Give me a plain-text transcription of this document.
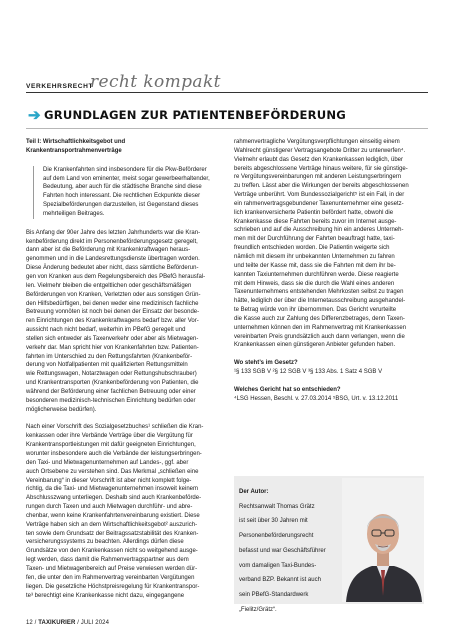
VERKEHRSRECHT
recht kompakt
➔ GRUNDLAGEN ZUR PATIENTENBEFÖRDERUNG

Teil I: Wirtschaftlichkeitsgebot und

Krankentransportrahmenverträge

Die Krankenfahrten sind insbesondere für die Pkw-Beförderer

auf dem Land von eminenter, meist sogar gewerbeerhaltender,

Bedeutung, aber auch für die städtische Branche sind diese

Fahrten hoch interessant. Die rechtlichen Eckpunkte dieser

Spezialbeförderungen darzustellen, ist Gegenstand dieses

mehrteiligen Beitrages.

Bis Anfang der 90er Jahre des letzten Jahrhunderts war die Kran-

kenbeförderung direkt im Personenbeförderungsgesetz geregelt,

dann aber ist die Beförderung mit Krankenkraftwagen heraus-

genommen und in die Landesrettungsdienste übertragen worden.

Diese Änderung bedeutet aber nicht, dass sämtliche Beförderun-

gen von Kranken aus dem Regelungsbereich des PBefG herausfal-

len. Vielmehr bleiben die entgeltlichen oder geschäftsmäßigen

Beförderungen von Kranken, Verletzten oder aus sonstigen Grün-

den Hilfsbedürftigen, bei denen weder eine medizinisch fachliche

Betreuung vonnöten ist noch bei denen der Einsatz der besonde-

ren Einrichtungen des Krankenkraftwagens bedarf bzw. aller Vor-

aussicht nach nicht bedarf, weiterhin im PBefG geregelt und

stellen sich entweder als Taxenverkehr oder aber als Mietwagen-

verkehr dar. Man spricht hier von Krankenfahrten bzw. Patienten-

fahrten im Unterschied zu den Rettungsfahrten (Krankenbeför-

derung von Notfallpatienten mit qualifizierten Rettungsmitteln

wie Rettungswagen, Notarztwagen oder Rettungshubschrauber)

und Krankentransporten (Krankenbeförderung von Patienten, die

während der Beförderung einer fachlichen Betreuung oder einer

besonderen medizinisch-technischen Einrichtung bedürfen oder

möglicherweise bedürfen).

Nach einer Vorschrift des Sozialgesetzbuches¹ schließen die Kran-

kenkassen oder ihre Verbände Verträge über die Vergütung für

Krankentransportleistungen mit dafür geeigneten Einrichtungen,

worunter insbesondere auch die Verbände der leistungserbringen-

den Taxi- und Mietwagenunternehmen auf Landes-, ggf. aber

auch Ortsebene zu verstehen sind. Das Merkmal „schließen eine

Vereinbarung“ in dieser Vorschrift ist aber nicht komplett folge-

richtig, da die Taxi- und Mietwagenunternehmen insoweit keinem

Abschlusszwang unterliegen. Deshalb sind auch Krankenbeförde-

rungen durch Taxen und auch Mietwagen durchführ- und abre-

chenbar, wenn keine Krankenfahrtenvereinbarung existiert. Diese

Verträge haben sich an dem Wirtschaftlichkeitsgebot² auszurich-

ten sowie dem Grundsatz der Beitragssatzstabilität des Kranken-

versicherungssystems zu beachten. Allerdings dürfen diese

Grundsätze von den Krankenkassen nicht so weitgehend ausge-

legt werden, dass damit die Rahmenvertragspartner aus dem

Taxen- und Mietwagenbereich auf Preise verwiesen werden dür-

fen, die unter den im Rahmenvertrag vereinbarten Vergütungen

liegen. Die gesetzliche Höchstpreisregelung für Krankentranspor-

te³ berechtigt eine Krankenkasse nicht dazu, eingegangene

rahmenvertragliche Vergütungsverpflichtungen einseitig einem

Wahlrecht günstigerer Vertragsangebote Dritter zu unterwerfen⁴.

Vielmehr erlaubt das Gesetz den Krankenkassen lediglich, über

bereits abgeschlossene Verträge hinaus weitere, für sie günstige-

re Vergütungsvereinbarungen mit anderen Leistungserbringern

zu treffen. Lässt aber die Wirkungen der bereits abgeschlossenen

Verträge unberührt. Vom Bundessozialgericht⁵ ist ein Fall, in der

ein rahmenvertragsgebundener Taxenunternehmer eine gesetz-

lich krankenversicherte Patientin befördert hatte, obwohl die

Krankenkasse diese Fahrten bereits zuvor im Internet ausge-

schrieben und auf die Ausschreibung hin ein anderes Unterneh-

men mit der Durchführung der Fahrten beauftragt hatte, taxi-

freundlich entschieden worden. Die Patientin weigerte sich

nämlich mit diesem ihr unbekannten Unternehmen zu fahren

und teilte der Kasse mit, dass sie die Fahrten mit dem ihr be-

kannten Taxiunternehmen durchführen werde. Diese reagierte

mit dem Hinweis, dass sie die durch die Wahl eines anderen

Taxenunternehmens entstehenden Mehrkosten selbst zu tragen

hätte, lediglich der über die Internetausschreibung ausgehandel-

te Betrag würde von ihr übernommen. Das Gericht verurteilte

die Kasse auch zur Zahlung des Differenzbetrages, denn Taxen-

unternehmen können den im Rahmenvertrag mit Krankenkassen

vereinbarten Preis grundsätzlich auch dann verlangen, wenn die

Krankenkassen einen günstigeren Anbieter gefunden haben.

Wo steht’s im Gesetz?

¹§ 133 SGB V ²§ 12 SGB V ³§ 133 Abs. 1 Satz 4 SGB V

Welches Gericht hat so entschieden?

⁴LSG Hessen, Beschl. v. 27.03.2014 ⁵BSG, Urt. v. 13.12.2011

Der Autor:

Rechtsanwalt Thomas Grätz

ist seit über 30 Jahren mit

Personenbeförderungsrecht

befasst und war Geschäftsführer

vom damaligen Taxi-Bundes-

verband BZP. Bekannt ist auch

sein PBefG-Standardwerk

„Fielitz/Grätz“.

12 / TAXIKURIER / JULI 2024
